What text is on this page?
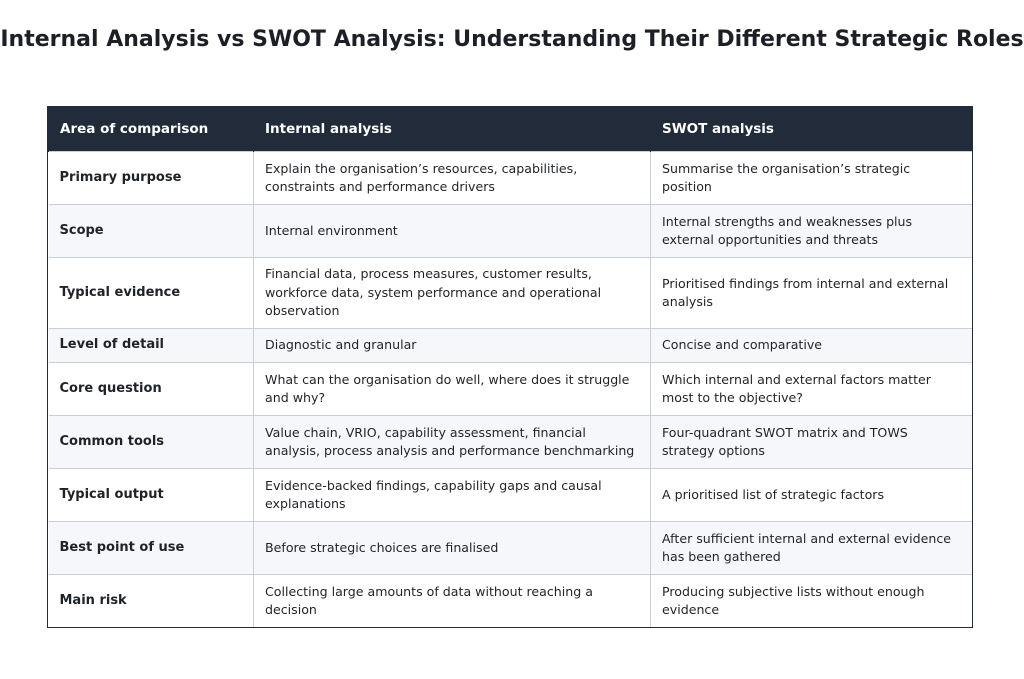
Internal Analysis vs SWOT Analysis: Understanding Their Different Strategic Roles
Area of comparison	Internal analysis	SWOT analysis
Primary purpose	Explain the organisation’s resources, capabilities, constraints and performance drivers	Summarise the organisation’s strategic position
Scope	Internal environment	Internal strengths and weaknesses plus external opportunities and threats
Typical evidence	Financial data, process measures, customer results, workforce data, system performance and operational observation	Prioritised findings from internal and external analysis
Level of detail	Diagnostic and granular	Concise and comparative
Core question	What can the organisation do well, where does it struggle and why?	Which internal and external factors matter most to the objective?
Common tools	Value chain, VRIO, capability assessment, financial analysis, process analysis and performance benchmarking	Four-quadrant SWOT matrix and TOWS strategy options
Typical output	Evidence-backed findings, capability gaps and causal explanations	A prioritised list of strategic factors
Best point of use	Before strategic choices are finalised	After sufficient internal and external evidence has been gathered
Main risk	Collecting large amounts of data without reaching a decision	Producing subjective lists without enough evidence
